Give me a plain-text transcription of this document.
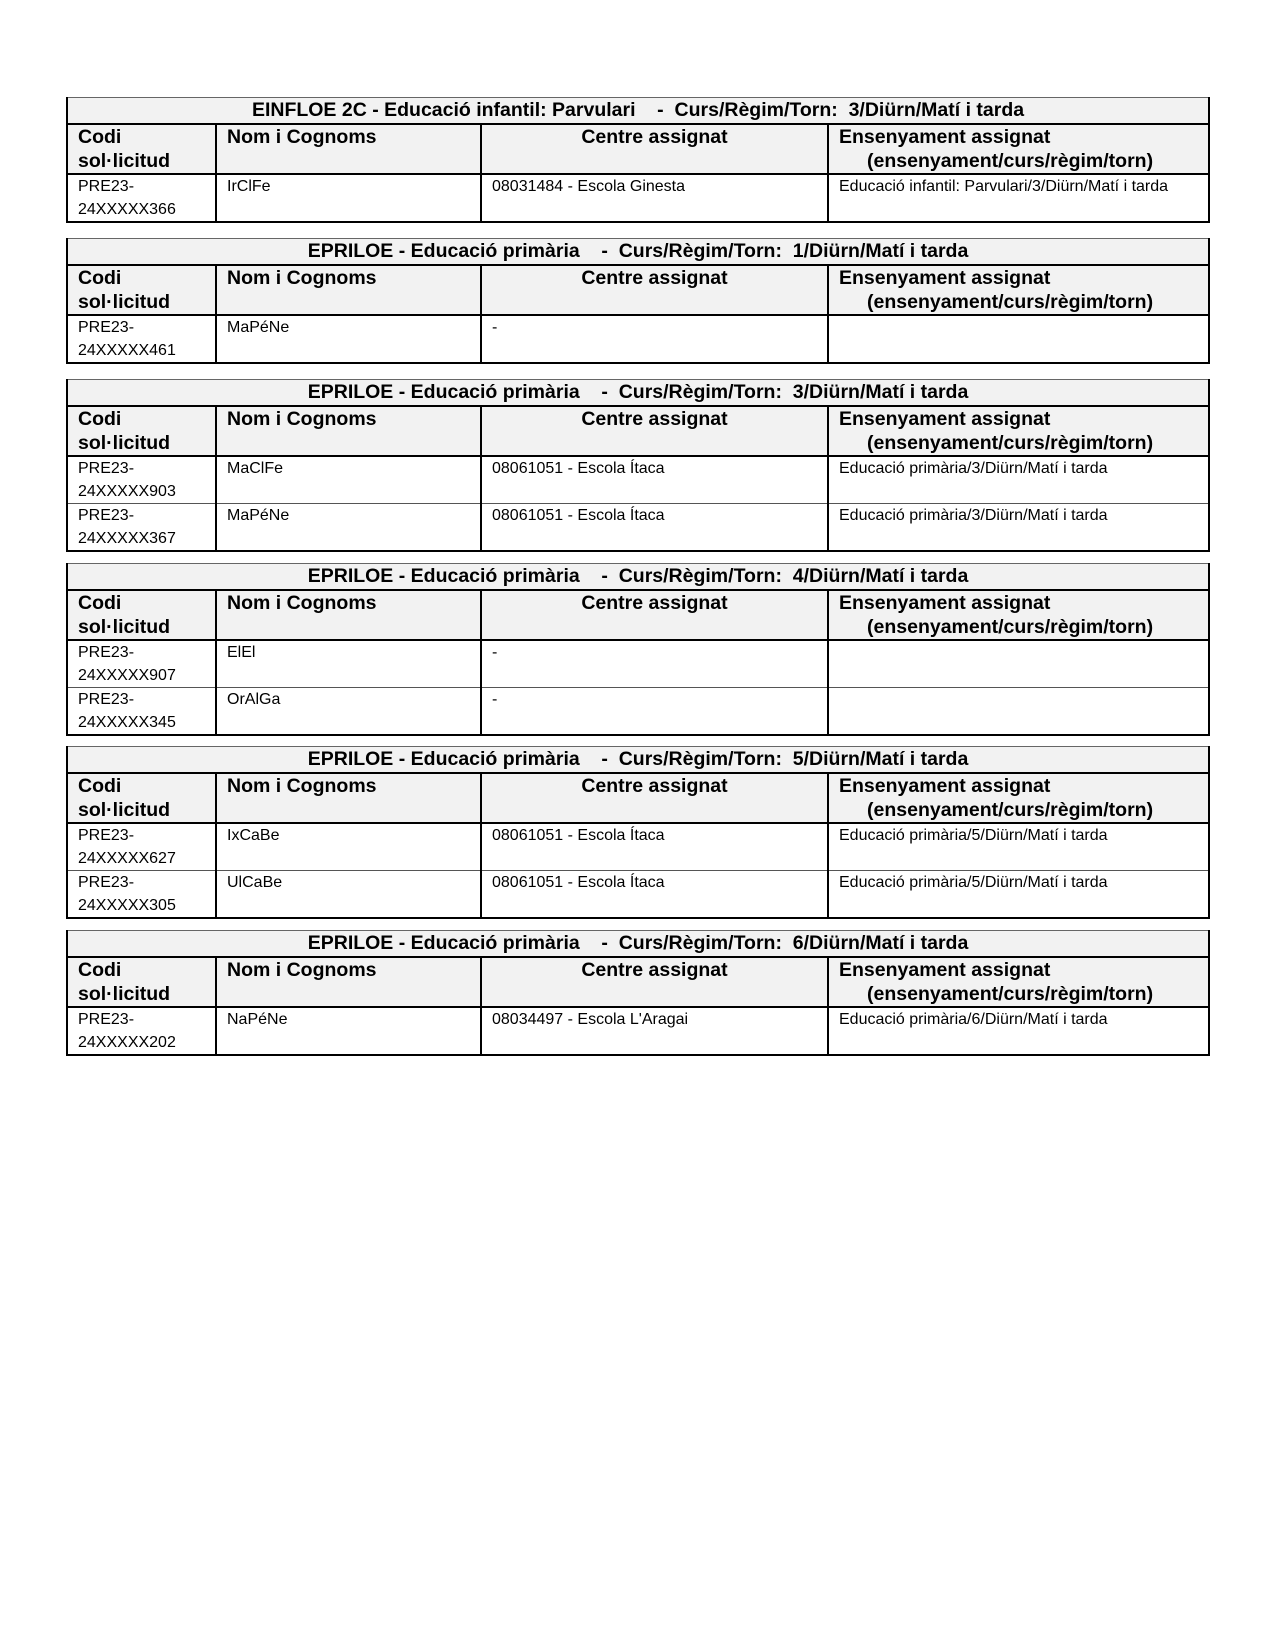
EINFLOE 2C - Educació infantil: Parvulari    -  Curs/Règim/Torn:  3/Diürn/Matí i tarda			

Codi
sol·licitud	Nom i Cognoms	Centre assignat	Ensenyament assignat
(ensenyament/curs/règim/torn)

PRE23-
24XXXXX366	IrClFe	08031484 - Escola Ginesta	Educació infantil: Parvulari/3/Diürn/Matí i tarda
EPRILOE - Educació primària    -  Curs/Règim/Torn:  1/Diürn/Matí i tarda			

Codi
sol·licitud	Nom i Cognoms	Centre assignat	Ensenyament assignat
(ensenyament/curs/règim/torn)

PRE23-
24XXXXX461	MaPéNe	-	
EPRILOE - Educació primària    -  Curs/Règim/Torn:  3/Diürn/Matí i tarda			

Codi
sol·licitud	Nom i Cognoms	Centre assignat	Ensenyament assignat
(ensenyament/curs/règim/torn)

PRE23-
24XXXXX903	MaClFe	08061051 - Escola Ítaca	Educació primària/3/Diürn/Matí i tarda
PRE23-
24XXXXX367	MaPéNe	08061051 - Escola Ítaca	Educació primària/3/Diürn/Matí i tarda
EPRILOE - Educació primària    -  Curs/Règim/Torn:  4/Diürn/Matí i tarda			

Codi
sol·licitud	Nom i Cognoms	Centre assignat	Ensenyament assignat
(ensenyament/curs/règim/torn)

PRE23-
24XXXXX907	ElEl	-	
PRE23-
24XXXXX345	OrAlGa	-	
EPRILOE - Educació primària    -  Curs/Règim/Torn:  5/Diürn/Matí i tarda			

Codi
sol·licitud	Nom i Cognoms	Centre assignat	Ensenyament assignat
(ensenyament/curs/règim/torn)

PRE23-
24XXXXX627	IxCaBe	08061051 - Escola Ítaca	Educació primària/5/Diürn/Matí i tarda
PRE23-
24XXXXX305	UlCaBe	08061051 - Escola Ítaca	Educació primària/5/Diürn/Matí i tarda
EPRILOE - Educació primària    -  Curs/Règim/Torn:  6/Diürn/Matí i tarda			

Codi
sol·licitud	Nom i Cognoms	Centre assignat	Ensenyament assignat
(ensenyament/curs/règim/torn)

PRE23-
24XXXXX202	NaPéNe	08034497 - Escola L'Aragai	Educació primària/6/Diürn/Matí i tarda
